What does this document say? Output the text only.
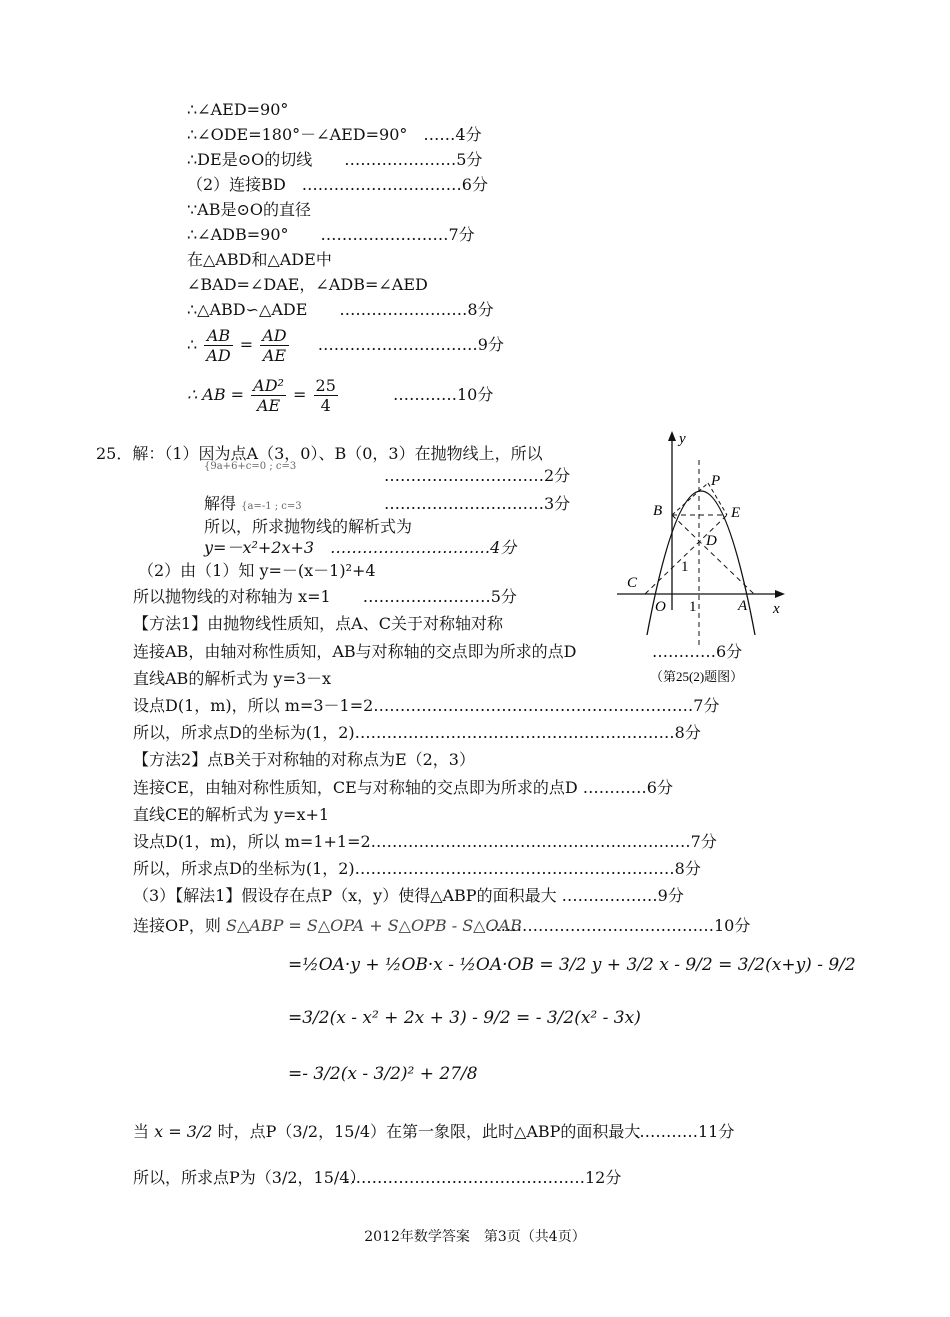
∴∠AED=90°
∴∠ODE=180°－∠AED=90°　……4分
∴DE是⊙O的切线　　…………………5分
（2）连接BD　…………………………6分
∵AB是⊙O的直径
∴∠ADB=90°　　……………………7分
在△ABD和△ADE中
∠BAD=∠DAE，∠ADB=∠AED
∴△ABD∽△ADE　　……………………8分
∴ $\frac{AB}{AD} = \frac{AD}{AE}$ …………………………9分
∴ AB = $\frac{\text{AD²}}{AE} = \frac{25}{4}$	…………10分
25．解：（1）因为点A（3，0）、B（0，3）在抛物线上，所以
{9a+6+c=0 ; c=3	…………………………2分
解得 {a=-1 ; c=3	…………………………3分
所以，所求抛物线的解析式为
y=－x²+2x+3　…………………………4分
（2）由（1）知 y=－(x－1)²+4
所以抛物线的对称轴为 x=1　　……………………5分
【方法1】由抛物线性质知，点A、C关于对称轴对称
连接AB，由轴对称性质知，AB与对称轴的交点即为所求的点D	…………6分
直线AB的解析式为 y=3－x
设点D(1，m)，所以 m=3－1=2……………………………………………………7分
所以，所求点D的坐标为(1，2)……………………………………………………8分
【方法2】点B关于对称轴的对称点为E（2，3）
连接CE，由轴对称性质知，CE与对称轴的交点即为所求的点D …………6分
直线CE的解析式为 y=x+1
设点D(1，m)，所以 m=1+1=2……………………………………………………7分
所以，所求点D的坐标为(1，2)……………………………………………………8分
（3）【解法1】假设存在点P（x，y）使得△ABP的面积最大 ………………9分
连接OP，则 S△ABP = S△OPA + S△OPB - S△OAB
……………………………………10分
=½OA·y + ½OB·x - ½OA·OB = 3/2 y + 3/2 x - 9/2 = 3/2(x+y) - 9/2
=3/2(x - x² + 2x + 3) - 9/2 = - 3/2(x² - 3x)
=- 3/2(x - 3/2)² + 27/8
当 x = 3/2 时，点P（3/2，15/4）在第一象限，此时△ABP的面积最大
…………11分
所以，所求点P为（3/2，15/4）
………………………………………12分
y
x
P
B	E
D
1
C
O 1	A
（第25(2)题图）
2012年数学答案　第3页（共4页）
